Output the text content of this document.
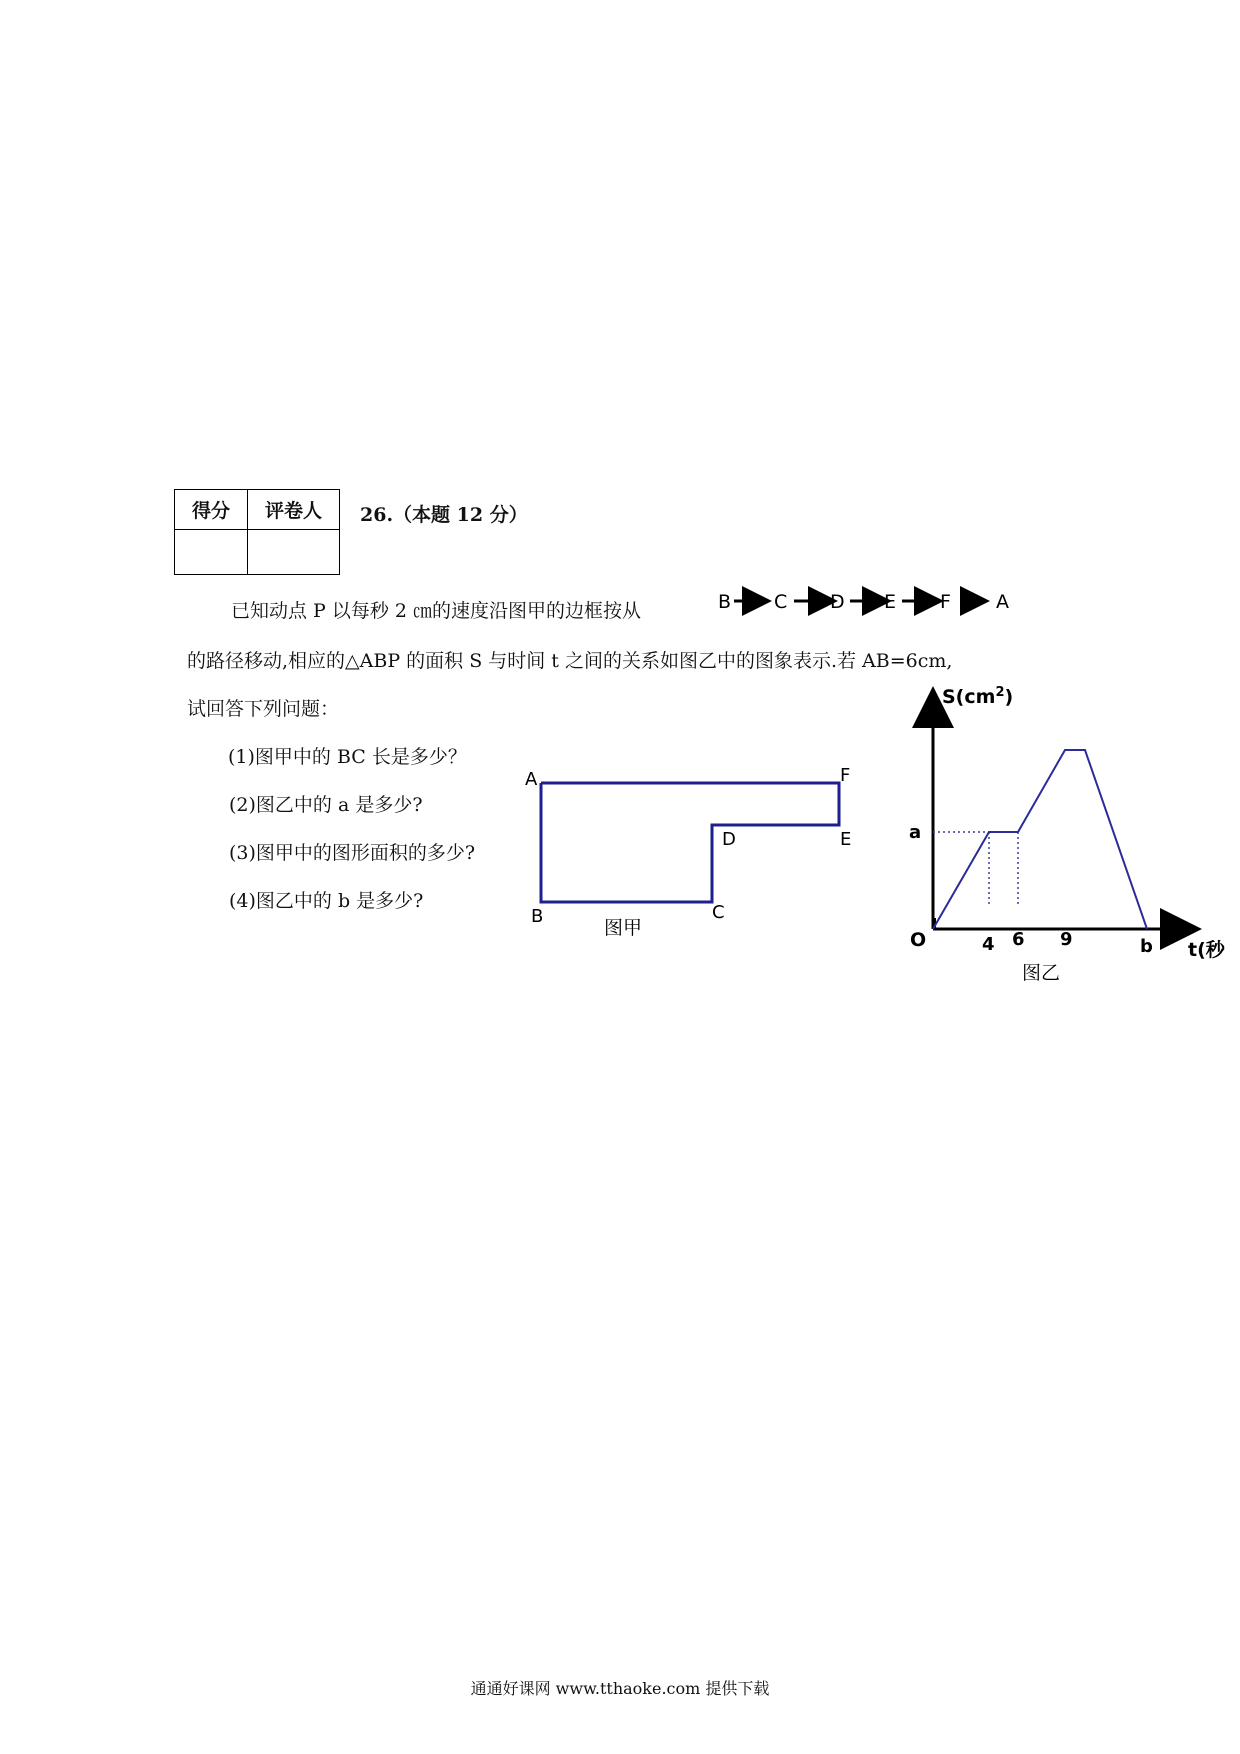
得分	评卷人
	26.（本题 12 分）
已知动点 P 以每秒 2 ㎝的速度沿图甲的边框按从	B C D E F A
的路径移动,相应的△ABP 的面积 S 与时间 t 之间的关系如图乙中的图象表示.若 AB=6cm,
试回答下列问题：
(1)图甲中的 BC 长是多少？
(2)图乙中的 a 是多少?
(3)图甲中的图形面积的多少?
(4)图乙中的 b 是多少?
A
B	C
D	E
F
图甲
$S(cm^2)$
t(秒
O
a
4 6 9	b
图乙
通通好课网 www.tthaoke.com 提供下载
